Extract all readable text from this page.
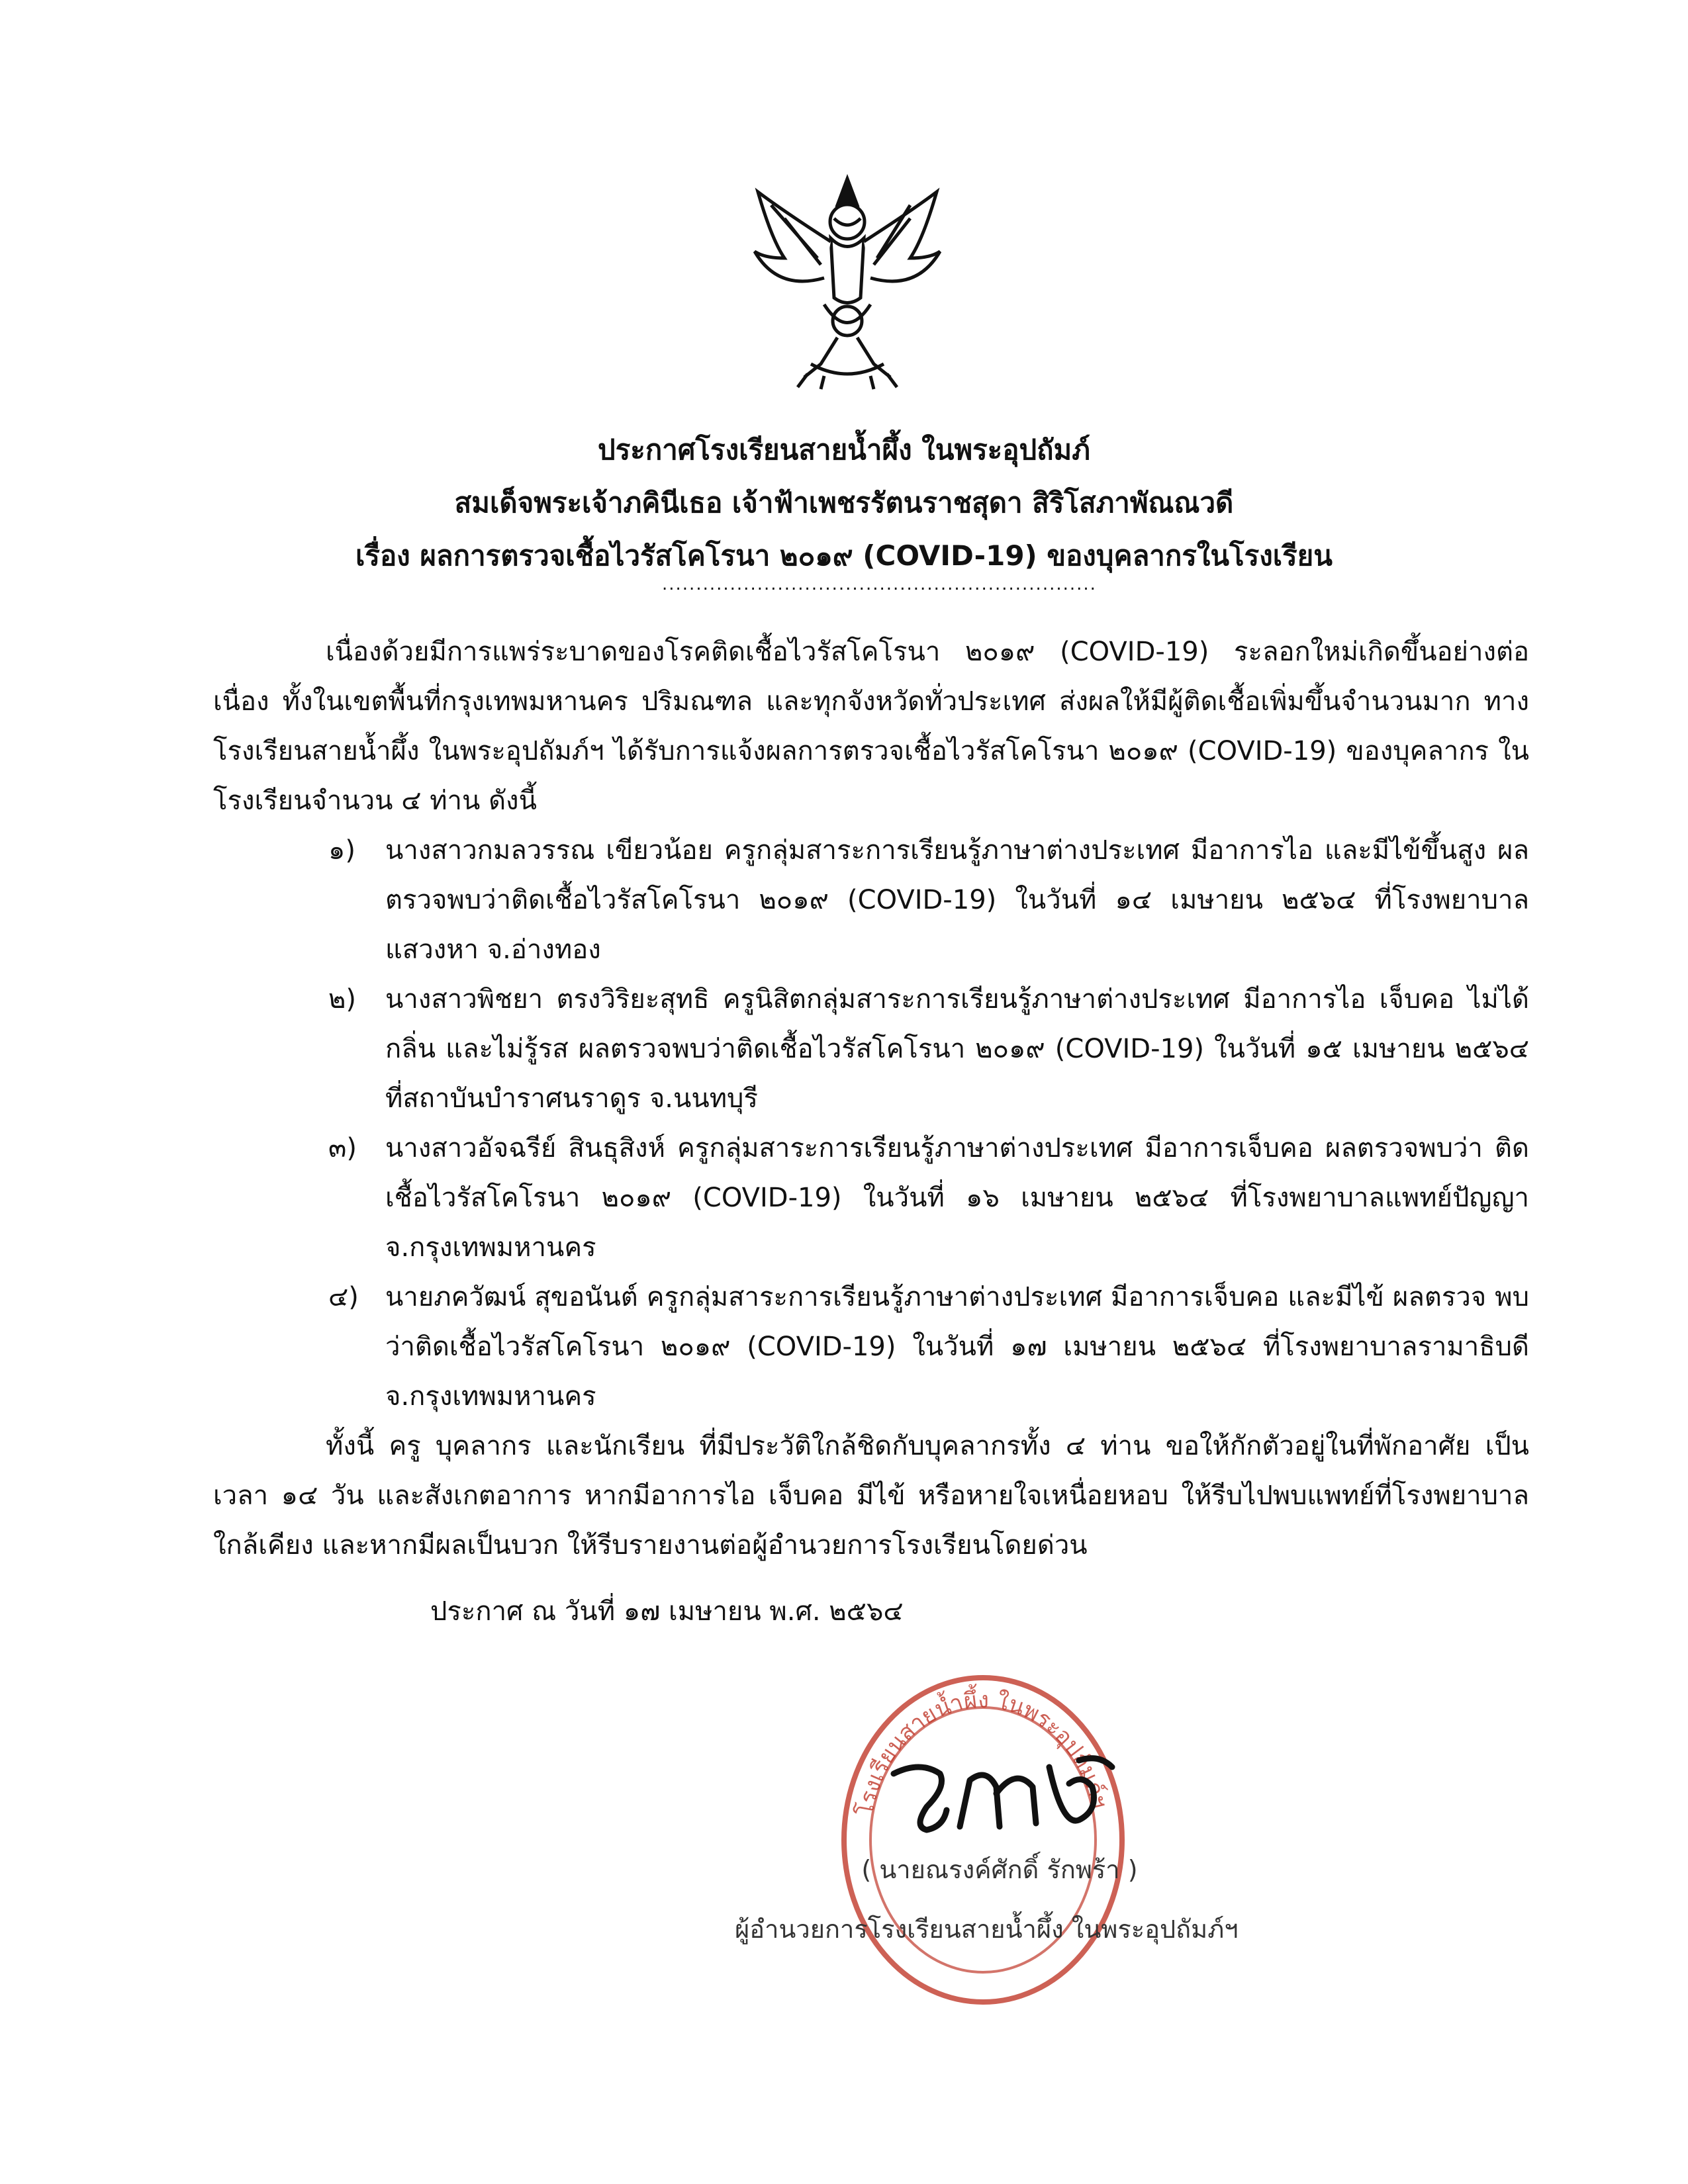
ประกาศโรงเรียนสายน้ำผึ้ง ในพระอุปถัมภ์
สมเด็จพระเจ้าภคินีเธอ เจ้าฟ้าเพชรรัตนราชสุดา สิริโสภาพัณณวดี
เรื่อง ผลการตรวจเชื้อไวรัสโคโรนา ๒๐๑๙ (COVID-19) ของบุคลากรในโรงเรียน
................................................................

เนื่องด้วยมีการแพร่ระบาดของโรคติดเชื้อไวรัสโคโรนา ๒๐๑๙ (COVID-19) ระลอกใหม่เกิดขึ้นอย่างต่อเนื่อง ทั้งในเขตพื้นที่กรุงเทพมหานคร ปริมณฑล และทุกจังหวัดทั่วประเทศ ส่งผลให้มีผู้ติดเชื้อเพิ่มขึ้นจำนวนมาก ทางโรงเรียนสายน้ำผึ้ง ในพระอุปถัมภ์ฯ ได้รับการแจ้งผลการตรวจเชื้อไวรัสโคโรนา ๒๐๑๙ (COVID-19) ของบุคลากร ในโรงเรียนจำนวน ๔ ท่าน ดังนี้

๑) นางสาวกมลวรรณ เขียวน้อย ครูกลุ่มสาระการเรียนรู้ภาษาต่างประเทศ มีอาการไอ และมีไข้ขึ้นสูง ผลตรวจพบว่าติดเชื้อไวรัสโคโรนา ๒๐๑๙ (COVID-19) ในวันที่ ๑๔ เมษายน ๒๕๖๔ ที่โรงพยาบาล แสวงหา จ.อ่างทอง
๒) นางสาวพิชยา ตรงวิริยะสุทธิ ครูนิสิตกลุ่มสาระการเรียนรู้ภาษาต่างประเทศ มีอาการไอ เจ็บคอ ไม่ได้กลิ่น และไม่รู้รส ผลตรวจพบว่าติดเชื้อไวรัสโคโรนา ๒๐๑๙ (COVID-19) ในวันที่ ๑๕ เมษายน ๒๕๖๔ ที่สถาบันบำราศนราดูร จ.นนทบุรี
๓) นางสาวอัจฉรีย์ สินธุสิงห์ ครูกลุ่มสาระการเรียนรู้ภาษาต่างประเทศ มีอาการเจ็บคอ ผลตรวจพบว่า ติดเชื้อไวรัสโคโรนา ๒๐๑๙ (COVID-19) ในวันที่ ๑๖ เมษายน ๒๕๖๔ ที่โรงพยาบาลแพทย์ปัญญา จ.กรุงเทพมหานคร
๔) นายภควัฒน์ สุขอนันต์ ครูกลุ่มสาระการเรียนรู้ภาษาต่างประเทศ มีอาการเจ็บคอ และมีไข้ ผลตรวจ พบว่าติดเชื้อไวรัสโคโรนา ๒๐๑๙ (COVID-19) ในวันที่ ๑๗ เมษายน ๒๕๖๔ ที่โรงพยาบาลรามาธิบดี จ.กรุงเทพมหานคร

ทั้งนี้ ครู บุคลากร และนักเรียน ที่มีประวัติใกล้ชิดกับบุคลากรทั้ง ๔ ท่าน ขอให้กักตัวอยู่ในที่พักอาศัย เป็นเวลา ๑๔ วัน และสังเกตอาการ หากมีอาการไอ เจ็บคอ มีไข้ หรือหายใจเหนื่อยหอบ ให้รีบไปพบแพทย์ที่โรงพยาบาล ใกล้เคียง และหากมีผลเป็นบวก ให้รีบรายงานต่อผู้อำนวยการโรงเรียนโดยด่วน

ประกาศ ณ วันที่ ๑๗ เมษายน พ.ศ. ๒๕๖๔
โรงเรียนสายน้ำผึ้ง ในพระอุปถัมภ์ฯ
( นายณรงค์ศักดิ์ รักพร้า )
ผู้อำนวยการโรงเรียนสายน้ำผึ้ง ในพระอุปถัมภ์ฯ
